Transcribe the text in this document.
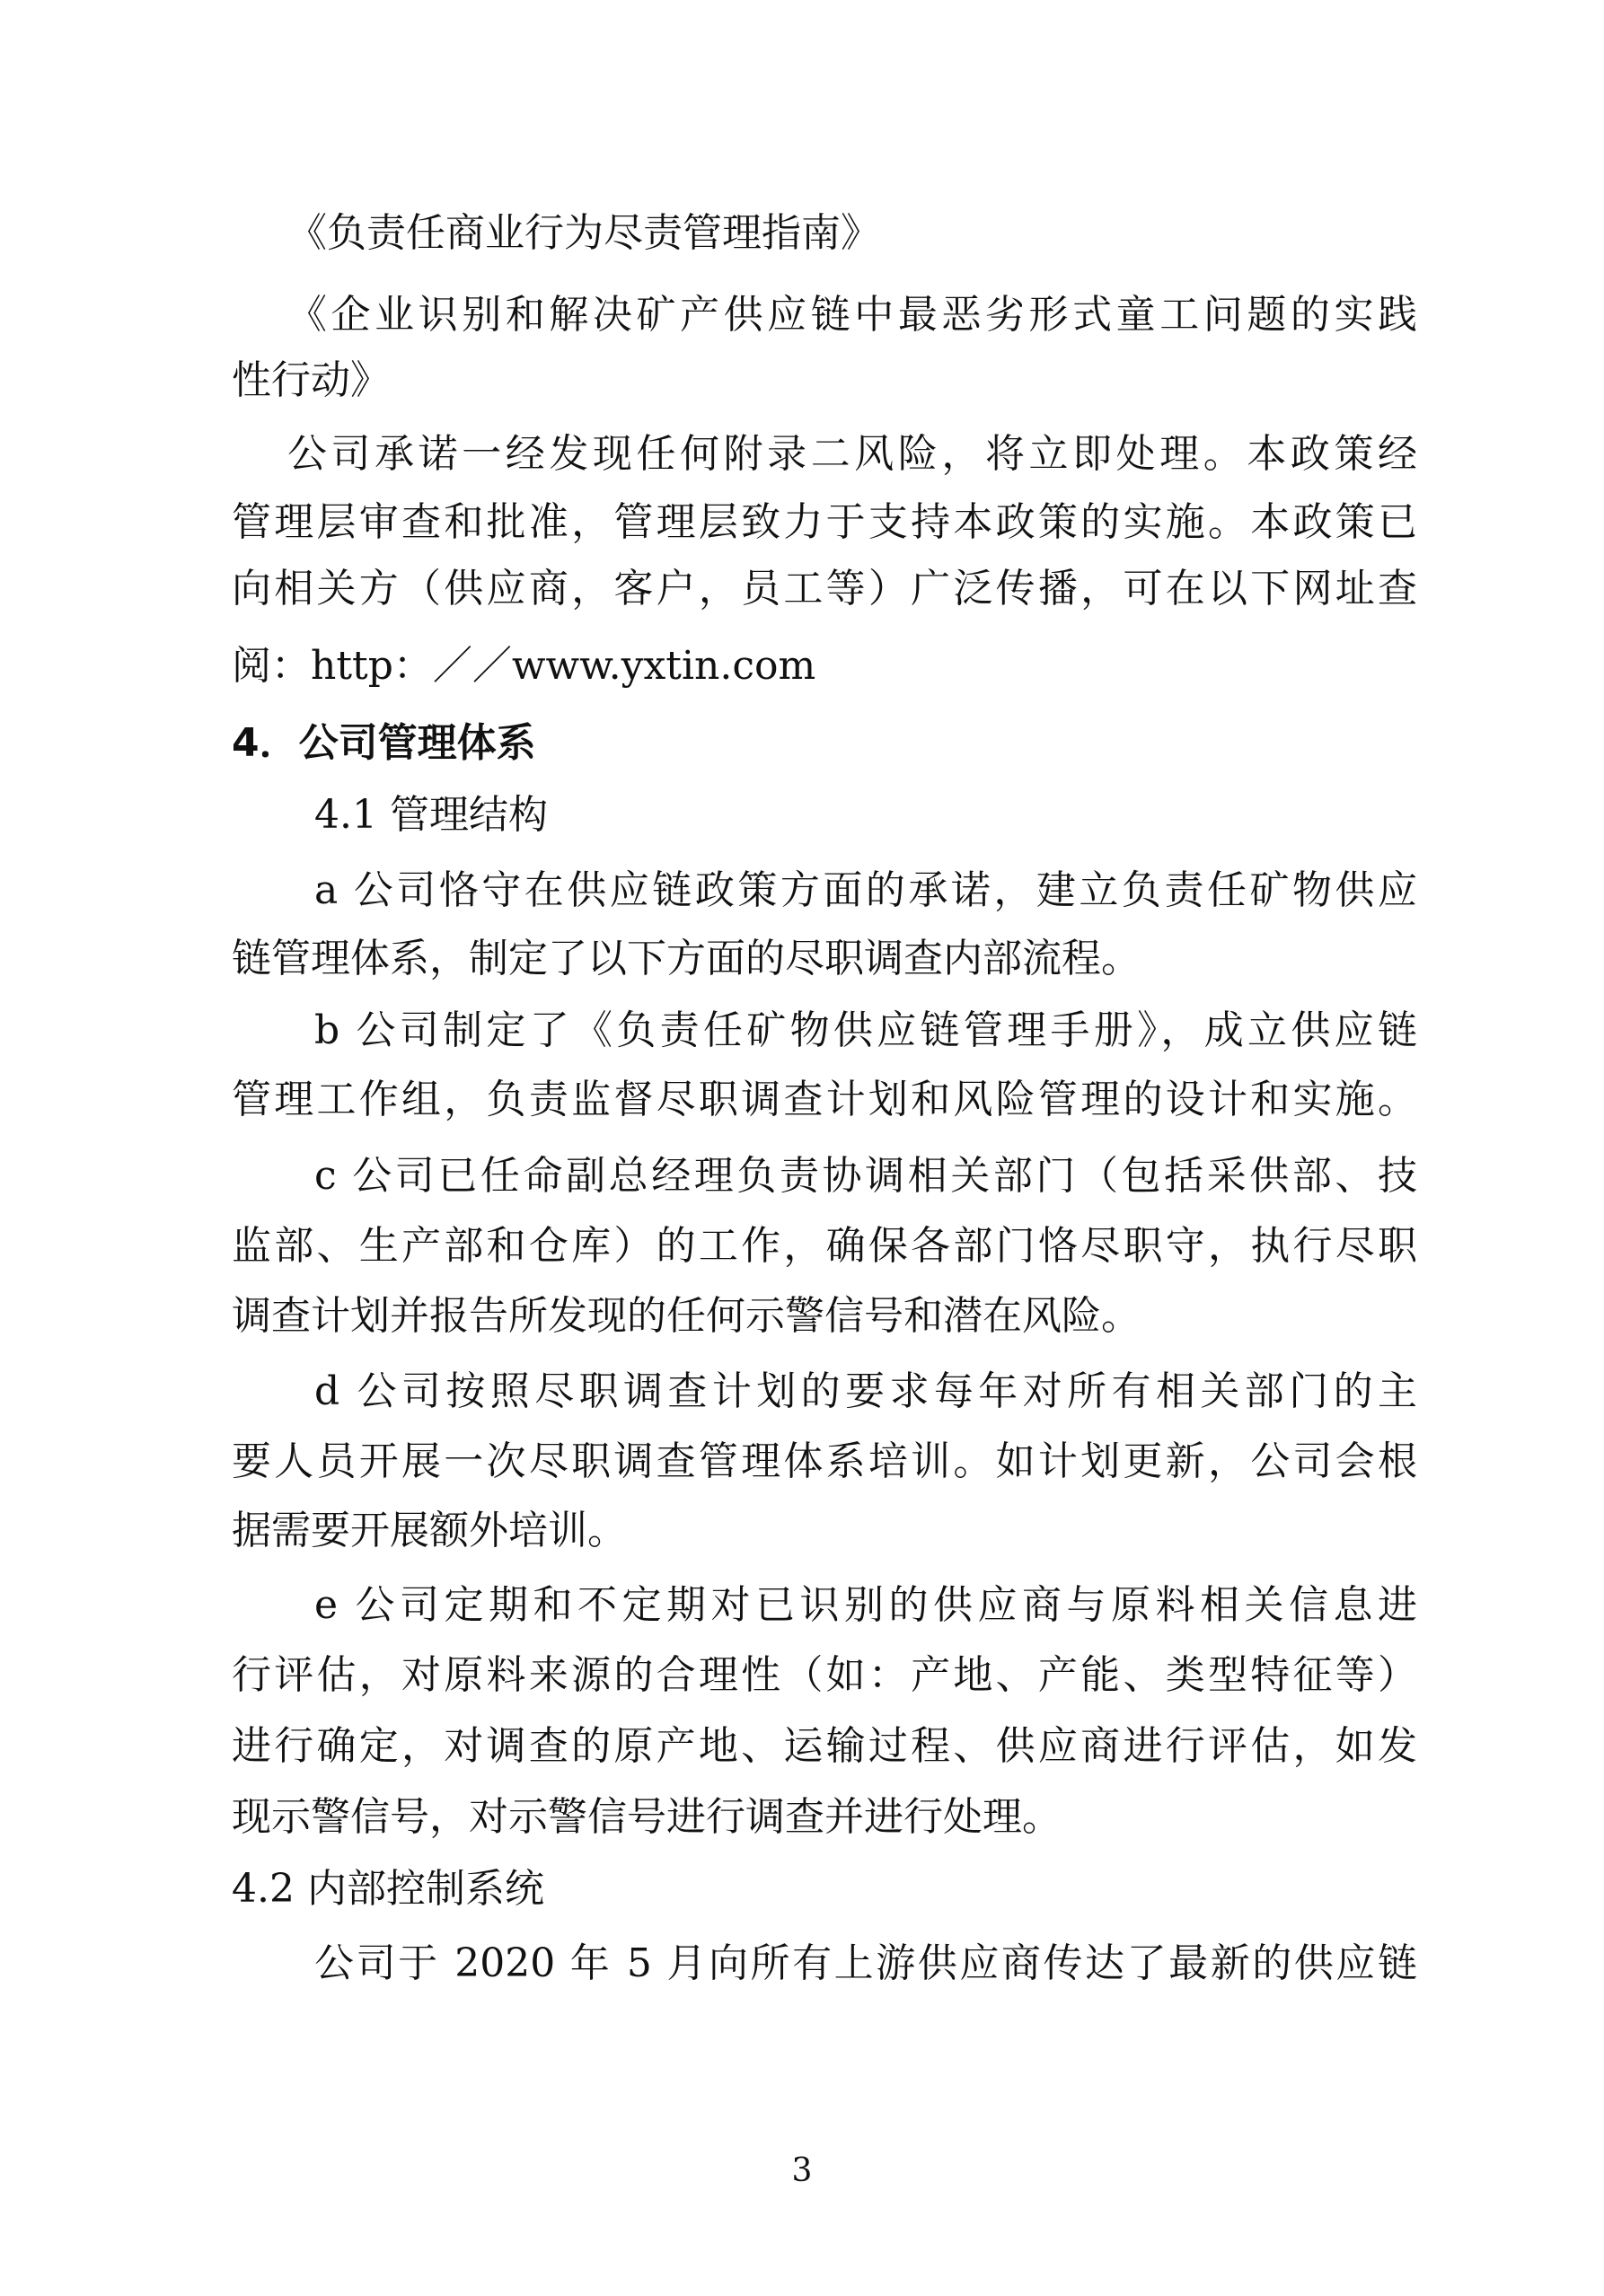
《负责任商业行为尽责管理指南》
《企业识别和解决矿产供应链中最恶劣形式童工问题的实践
性行动》
公司承诺一经发现任何附录二风险，将立即处理。本政策经
管理层审查和批准，管理层致力于支持本政策的实施。本政策已
向相关方（供应商，客户，员工等）广泛传播，可在以下网址查
阅：http：／／www.yxtin.com
4．公司管理体系
4.1 管理结构
a 公司恪守在供应链政策方面的承诺，建立负责任矿物供应
链管理体系，制定了以下方面的尽职调查内部流程。
b 公司制定了《负责任矿物供应链管理手册》，成立供应链
管理工作组，负责监督尽职调查计划和风险管理的设计和实施。
c 公司已任命副总经理负责协调相关部门（包括采供部、技
监部、生产部和仓库）的工作，确保各部门恪尽职守，执行尽职
调查计划并报告所发现的任何示警信号和潜在风险。
d 公司按照尽职调查计划的要求每年对所有相关部门的主
要人员开展一次尽职调查管理体系培训。如计划更新，公司会根
据需要开展额外培训。
e 公司定期和不定期对已识别的供应商与原料相关信息进
行评估，对原料来源的合理性（如：产地、产能、类型特征等）
进行确定，对调查的原产地、运输过程、供应商进行评估，如发
现示警信号，对示警信号进行调查并进行处理。
4.2 内部控制系统
公司于 2020 年 5 月向所有上游供应商传达了最新的供应链
3
